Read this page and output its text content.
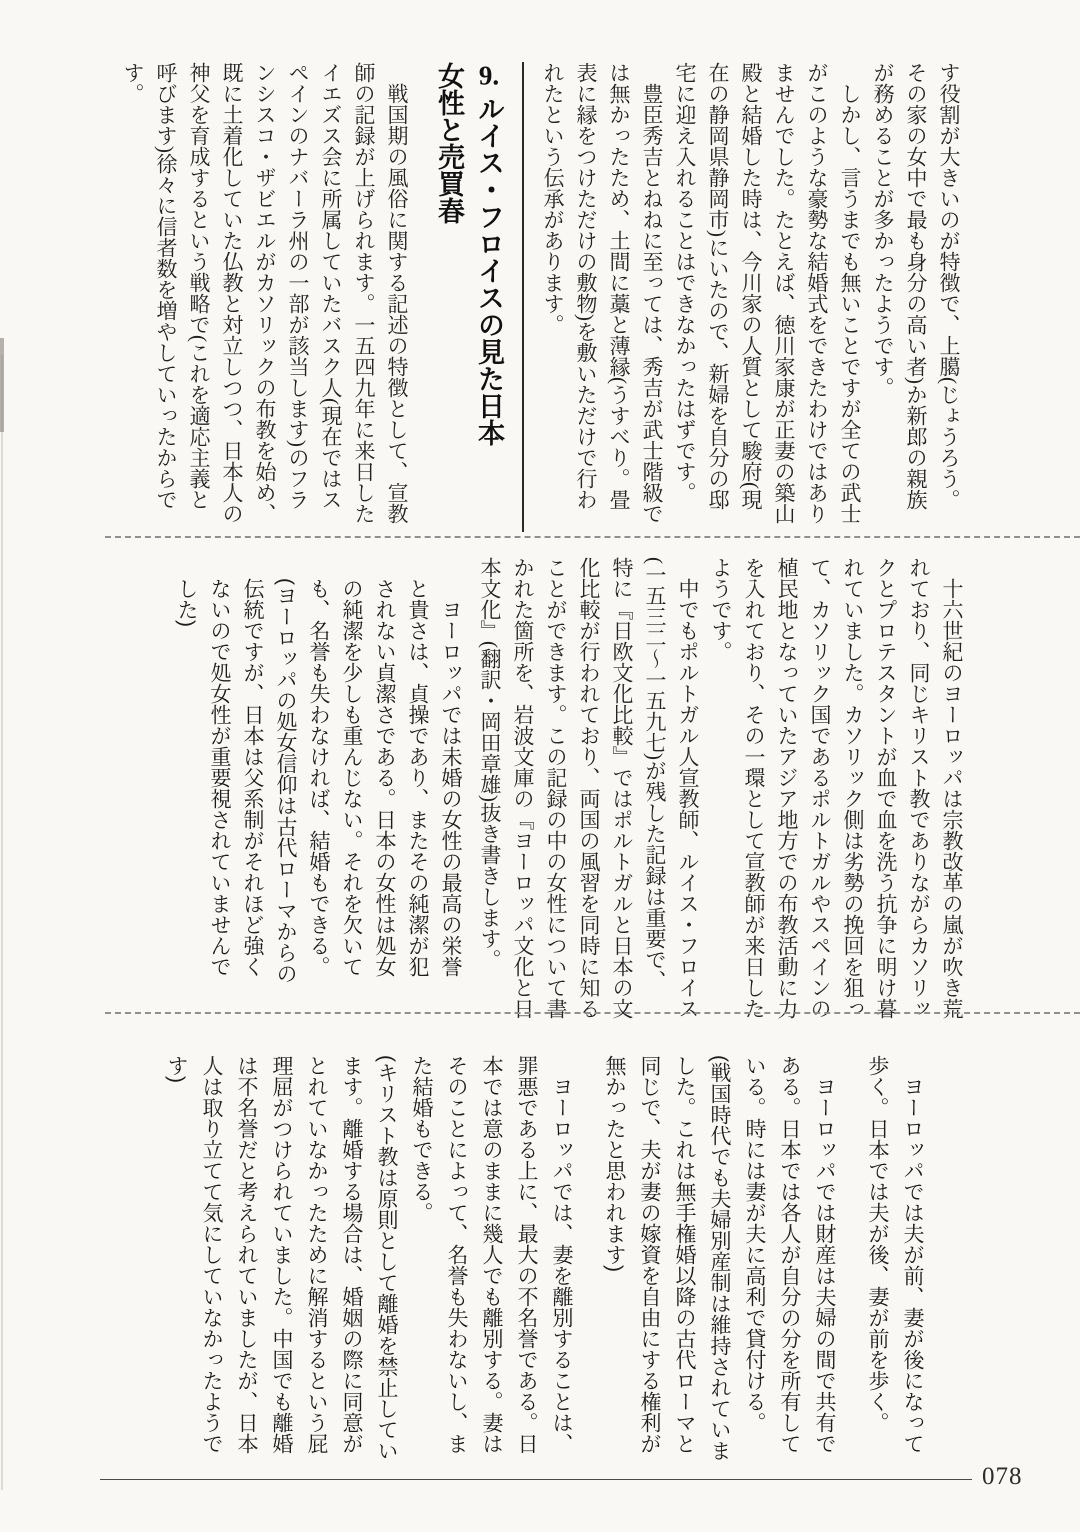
す役割が大きいのが特徴で、上臈(じょうろう。
その家の女中で最も身分の高い者)か新郎の親族
が務めることが多かったようです。
しかし、言うまでも無いことですが全ての武士
がこのような豪勢な結婚式をできたわけではあり
ませんでした。たとえば、徳川家康が正妻の築山
殿と結婚した時は、今川家の人質として駿府(現
在の静岡県静岡市)にいたので、新婦を自分の邸
宅に迎え入れることはできなかったはずです。
豊臣秀吉とねねに至っては、秀吉が武士階級で
は無かったため、土間に藁と薄縁(うすべり。畳
表に縁をつけただけの敷物)を敷いただけで行わ
れたという伝承があります。
9.ルイス・フロイスの見た日本
女性と売買春
戦国期の風俗に関する記述の特徴として、宣教
師の記録が上げられます。一五四九年に来日した
イエズス会に所属していたバスク人(現在ではス
ペインのナバーラ州の一部が該当します)のフラ
ンシスコ・ザビエルがカソリックの布教を始め、
既に土着化していた仏教と対立しつつ、日本人の
神父を育成するという戦略で(これを適応主義と
呼びます)徐々に信者数を増やしていったからで
す。
十六世紀のヨーロッパは宗教改革の嵐が吹き荒
れており、同じキリスト教でありながらカソリッ
クとプロテスタントが血で血を洗う抗争に明け暮
れていました。カソリック側は劣勢の挽回を狙っ
て、カソリック国であるポルトガルやスペインの
植民地となっていたアジア地方での布教活動に力
を入れており、その一環として宣教師が来日した
ようです。
中でもポルトガル人宣教師、ルイス・フロイス
(一五三二〜一五九七)が残した記録は重要で、
特に『日欧文化比較』ではポルトガルと日本の文
化比較が行われており、両国の風習を同時に知る
ことができます。この記録の中の女性について書
かれた箇所を、岩波文庫の『ヨーロッパ文化と日
本文化』(翻訳・岡田章雄)抜き書きします。
ヨーロッパでは未婚の女性の最高の栄誉
と貴さは、貞操であり、またその純潔が犯
されない貞潔さである。日本の女性は処女
の純潔を少しも重んじない。それを欠いて
も、名誉も失わなければ、結婚もできる。
(ヨーロッパの処女信仰は古代ローマからの
伝統ですが、日本は父系制がそれほど強く
ないので処女性が重要視されていませんで
した)
ヨーロッパでは夫が前、妻が後になって
歩く。日本では夫が後、妻が前を歩く。
ヨーロッパでは財産は夫婦の間で共有で
ある。日本では各人が自分の分を所有して
いる。時には妻が夫に高利で貸付ける。
(戦国時代でも夫婦別産制は維持されていま
した。これは無手権婚以降の古代ローマと
同じで、夫が妻の嫁資を自由にする権利が
無かったと思われます)
ヨーロッパでは、妻を離別することは、
罪悪である上に、最大の不名誉である。日
本では意のままに幾人でも離別する。妻は
そのことによって、名誉も失わないし、ま
た結婚もできる。
(キリスト教は原則として離婚を禁止してい
ます。離婚する場合は、婚姻の際に同意が
とれていなかったために解消するという屁
理屈がつけられていました。中国でも離婚
は不名誉だと考えられていましたが、日本
人は取り立てて気にしていなかったようで
す)
078
